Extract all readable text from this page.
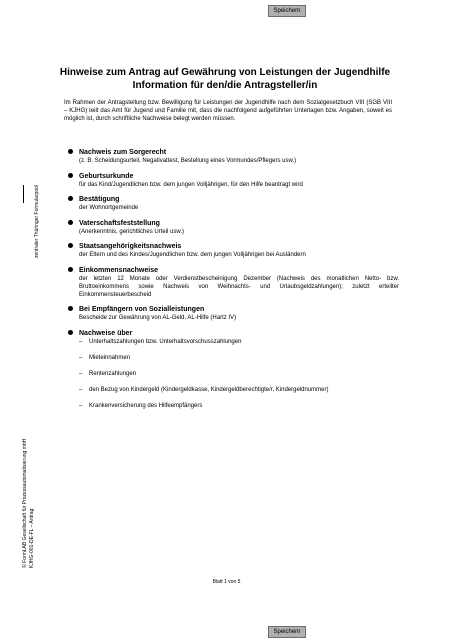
Speichern
zentraler Thüringer Formularpool
© FormLAB Gesellschaft für Prozessautomatisierung mbH KJHG-001-DE-FL – Antrag
Hinweise zum Antrag auf Gewährung von Leistungen der Jugendhilfe
Information für den/die Antragsteller/in
Im Rahmen der Antragstellung bzw. Bewilligung für Leistungen der Jugendhilfe nach dem Sozialgesetzbuch VIII (SGB VIII – KJHG) teilt das Amt für Jugend und Familie mit, dass die nachfolgend aufgeführten Unterlagen bzw. Angaben, soweit es möglich ist, durch schriftliche Nachweise belegt werden müssen.
Nachweis zum Sorgerecht
(z. B. Scheidungsurteil, Negativattest, Bestellung eines Vormundes/Pflegers usw.)
Geburtsurkunde
für das Kind/Jugendlichen bzw. dem jungen Volljährigen, für den Hilfe beantragt wird
Bestätigung
der Wohnortgemeinde
Vaterschaftsfeststellung
(Anerkenntnis, gerichtliches Urteil usw.)
Staatsangehörigkeitsnachweis
der Eltern und des Kindes/Jugendlichen bzw. dem jungen Volljährigen bei Ausländern
Einkommensnachweise
der letzten 12 Monate oder Verdienstbescheinigung Dezember (Nachweis des monatlichen Netto- bzw. Bruttoeinkommens sowie Nachweis von Weihnachts- und Urlaubsgeldzahlungen); zuletzt erteilter Einkommensteuerbescheid
Bei Empfängern von Sozialleistungen
Bescheide zur Gewährung von AL-Geld, AL-Hilfe (Hartz IV)
Nachweise über
– Unterhaltszahlungen bzw. Unterhaltsvorschusszahlungen
– Mieteinnahmen
– Rentenzahlungen
– den Bezug von Kindergeld (Kindergeldkasse, Kindergeldberechtigte/r, Kindergeldnummer)
– Krankenversicherung des Hilfeempfängers
Blatt 1 von 5
Speichern
